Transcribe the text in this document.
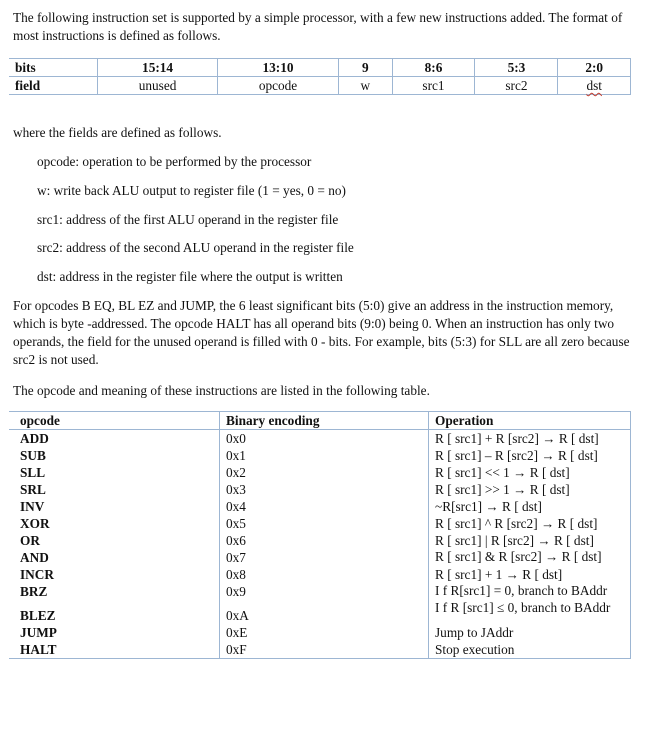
The following instruction set is supported by a simple processor, with a few new instructions added. The format of most instructions is defined as follows.

bits	15:14	13:10	9	8:6	5:3	2:0
field	unused	opcode	w	src1	src2	dst

where the fields are defined as follows.

opcode: operation to be performed by the processor
w: write back ALU output to register file (1 = yes, 0 = no)
src1: address of the first ALU operand in the register file
src2: address of the second ALU operand in the register file
dst: address in the register file where the output is written

For opcodes B EQ, BL EZ and JUMP, the 6 least significant bits (5:0) give an address in the instruction memory, which is byte -addressed. The opcode HALT has all operand bits (9:0) being 0. When an instruction has only two operands, the field for the unused operand is filled with 0 - bits. For example, bits (5:3) for SLL are all zero because src2 is not used.

The opcode and meaning of these instructions are listed in the following table.

opcode	Binary encoding	Operation
ADD	0x0	R [ src1] + R [src2] → R [ dst]
SUB	0x1	R [ src1] – R [src2] → R [ dst]
SLL	0x2	R [ src1] << 1 → R [ dst]
SRL	0x3	R [ src1] >> 1 → R [ dst]
INV	0x4	~R[src1] → R [ dst]
XOR	0x5	R [ src1] ^ R [src2] → R [ dst]
OR	0x6	R [ src1] | R [src2] → R [ dst]
AND	0x7	R [ src1] & R [src2] → R [ dst]
INCR	0x8	R [ src1] + 1 → R [ dst]
BRZ	0x9	I f R[src1] = 0, branch to BAddr
BLEZ	0xA	I f R [src1] ≤ 0, branch to BAddr
JUMP	0xE	Jump to JAddr
HALT	0xF	Stop execution
